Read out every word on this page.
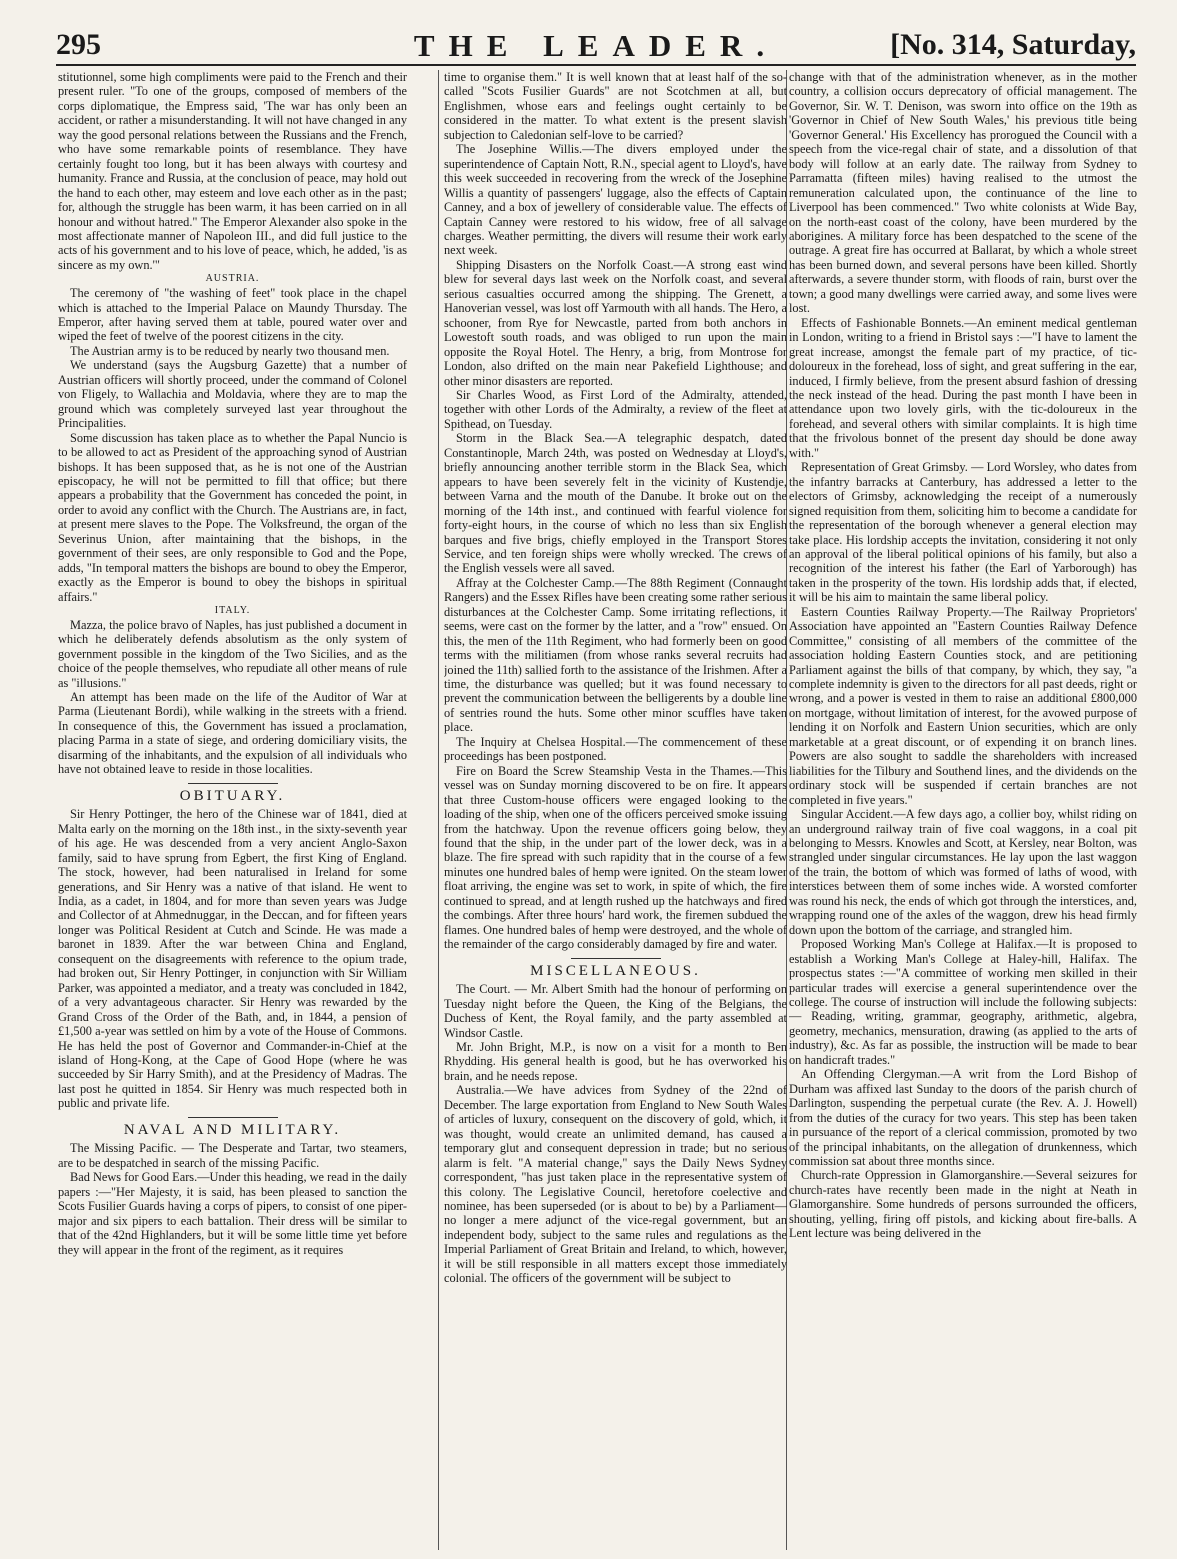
295	THE LEADER.	[No. 314, Saturday,

stitutionnel, some high compliments were paid to the French and their present ruler. "To one of the groups, composed of members of the corps diplomatique, the Empress said, 'The war has only been an accident, or rather a misunderstanding. It will not have changed in any way the good personal relations between the Russians and the French, who have some remarkable points of resemblance. They have certainly fought too long, but it has been always with courtesy and humanity. France and Russia, at the conclusion of peace, may hold out the hand to each other, may esteem and love each other as in the past; for, although the struggle has been warm, it has been carried on in all honour and without hatred." The Emperor Alexander also spoke in the most affectionate manner of Napoleon III., and did full justice to the acts of his government and to his love of peace, which, he added, 'is as sincere as my own.'"

AUSTRIA.

The ceremony of "the washing of feet" took place in the chapel which is attached to the Imperial Palace on Maundy Thursday. The Emperor, after having served them at table, poured water over and wiped the feet of twelve of the poorest citizens in the city.

The Austrian army is to be reduced by nearly two thousand men.

We understand (says the Augsburg Gazette) that a number of Austrian officers will shortly proceed, under the command of Colonel von Fligely, to Wallachia and Moldavia, where they are to map the ground which was completely surveyed last year throughout the Principalities.

Some discussion has taken place as to whether the Papal Nuncio is to be allowed to act as President of the approaching synod of Austrian bishops. It has been supposed that, as he is not one of the Austrian episcopacy, he will not be permitted to fill that office; but there appears a probability that the Government has conceded the point, in order to avoid any conflict with the Church. The Austrians are, in fact, at present mere slaves to the Pope. The Volksfreund, the organ of the Severinus Union, after maintaining that the bishops, in the government of their sees, are only responsible to God and the Pope, adds, "In temporal matters the bishops are bound to obey the Emperor, exactly as the Emperor is bound to obey the bishops in spiritual affairs."

ITALY.

Mazza, the police bravo of Naples, has just published a document in which he deliberately defends absolutism as the only system of government possible in the kingdom of the Two Sicilies, and as the choice of the people themselves, who repudiate all other means of rule as "illusions."

An attempt has been made on the life of the Auditor of War at Parma (Lieutenant Bordi), while walking in the streets with a friend. In consequence of this, the Government has issued a proclamation, placing Parma in a state of siege, and ordering domiciliary visits, the disarming of the inhabitants, and the expulsion of all individuals who have not obtained leave to reside in those localities.

OBITUARY.

Sir Henry Pottinger, the hero of the Chinese war of 1841, died at Malta early on the morning on the 18th inst., in the sixty-seventh year of his age. He was descended from a very ancient Anglo-Saxon family, said to have sprung from Egbert, the first King of England. The stock, however, had been naturalised in Ireland for some generations, and Sir Henry was a native of that island. He went to India, as a cadet, in 1804, and for more than seven years was Judge and Collector of at Ahmednuggar, in the Deccan, and for fifteen years longer was Political Resident at Cutch and Scinde. He was made a baronet in 1839. After the war between China and England, consequent on the disagreements with reference to the opium trade, had broken out, Sir Henry Pottinger, in conjunction with Sir William Parker, was appointed a mediator, and a treaty was concluded in 1842, of a very advantageous character. Sir Henry was rewarded by the Grand Cross of the Order of the Bath, and, in 1844, a pension of £1,500 a-year was settled on him by a vote of the House of Commons. He has held the post of Governor and Commander-in-Chief at the island of Hong-Kong, at the Cape of Good Hope (where he was succeeded by Sir Harry Smith), and at the Presidency of Madras. The last post he quitted in 1854. Sir Henry was much respected both in public and private life.

NAVAL AND MILITARY.

The Missing Pacific. — The Desperate and Tartar, two steamers, are to be despatched in search of the missing Pacific.

Bad News for Good Ears.—Under this heading, we read in the daily papers :—"Her Majesty, it is said, has been pleased to sanction the Scots Fusilier Guards having a corps of pipers, to consist of one piper-major and six pipers to each battalion. Their dress will be similar to that of the 42nd Highlanders, but it will be some little time yet before they will appear in the front of the regiment, as it requires

time to organise them." It is well known that at least half of the so-called "Scots Fusilier Guards" are not Scotchmen at all, but Englishmen, whose ears and feelings ought certainly to be considered in the matter. To what extent is the present slavish subjection to Caledonian self-love to be carried?

The Josephine Willis.—The divers employed under the superintendence of Captain Nott, R.N., special agent to Lloyd's, have this week succeeded in recovering from the wreck of the Josephine Willis a quantity of passengers' luggage, also the effects of Captain Canney, and a box of jewellery of considerable value. The effects of Captain Canney were restored to his widow, free of all salvage charges. Weather permitting, the divers will resume their work early next week.

Shipping Disasters on the Norfolk Coast.—A strong east wind blew for several days last week on the Norfolk coast, and several serious casualties occurred among the shipping. The Grenett, a Hanoverian vessel, was lost off Yarmouth with all hands. The Hero, a schooner, from Rye for Newcastle, parted from both anchors in Lowestoft south roads, and was obliged to run upon the main opposite the Royal Hotel. The Henry, a brig, from Montrose for London, also drifted on the main near Pakefield Lighthouse; and other minor disasters are reported.

Sir Charles Wood, as First Lord of the Admiralty, attended, together with other Lords of the Admiralty, a review of the fleet at Spithead, on Tuesday.

Storm in the Black Sea.—A telegraphic despatch, dated Constantinople, March 24th, was posted on Wednesday at Lloyd's, briefly announcing another terrible storm in the Black Sea, which appears to have been severely felt in the vicinity of Kustendje, between Varna and the mouth of the Danube. It broke out on the morning of the 14th inst., and continued with fearful violence for forty-eight hours, in the course of which no less than six English barques and five brigs, chiefly employed in the Transport Stores Service, and ten foreign ships were wholly wrecked. The crews of the English vessels were all saved.

Affray at the Colchester Camp.—The 88th Regiment (Connaught Rangers) and the Essex Rifles have been creating some rather serious disturbances at the Colchester Camp. Some irritating reflections, it seems, were cast on the former by the latter, and a "row" ensued. On this, the men of the 11th Regiment, who had formerly been on good terms with the militiamen (from whose ranks several recruits had joined the 11th) sallied forth to the assistance of the Irishmen. After a time, the disturbance was quelled; but it was found necessary to prevent the communication between the belligerents by a double line of sentries round the huts. Some other minor scuffles have taken place.

The Inquiry at Chelsea Hospital.—The commencement of these proceedings has been postponed.

Fire on Board the Screw Steamship Vesta in the Thames.—This vessel was on Sunday morning discovered to be on fire. It appears that three Custom-house officers were engaged looking to the loading of the ship, when one of the officers perceived smoke issuing from the hatchway. Upon the revenue officers going below, they found that the ship, in the under part of the lower deck, was in a blaze. The fire spread with such rapidity that in the course of a few minutes one hundred bales of hemp were ignited. On the steam lower float arriving, the engine was set to work, in spite of which, the fire continued to spread, and at length rushed up the hatchways and fired the combings. After three hours' hard work, the firemen subdued the flames. One hundred bales of hemp were destroyed, and the whole of the remainder of the cargo considerably damaged by fire and water.

MISCELLANEOUS.

The Court. — Mr. Albert Smith had the honour of performing on Tuesday night before the Queen, the King of the Belgians, the Duchess of Kent, the Royal family, and the party assembled at Windsor Castle.

Mr. John Bright, M.P., is now on a visit for a month to Ben Rhydding. His general health is good, but he has overworked his brain, and he needs repose.

Australia.—We have advices from Sydney of the 22nd of December. The large exportation from England to New South Wales of articles of luxury, consequent on the discovery of gold, which, it was thought, would create an unlimited demand, has caused a temporary glut and consequent depression in trade; but no serious alarm is felt. "A material change," says the Daily News Sydney correspondent, "has just taken place in the representative system of this colony. The Legislative Council, heretofore coelective and nominee, has been superseded (or is about to be) by a Parliament—no longer a mere adjunct of the vice-regal government, but an independent body, subject to the same rules and regulations as the Imperial Parliament of Great Britain and Ireland, to which, however, it will be still responsible in all matters except those immediately colonial. The officers of the government will be subject to

change with that of the administration whenever, as in the mother country, a collision occurs deprecatory of official management. The Governor, Sir. W. T. Denison, was sworn into office on the 19th as 'Governor in Chief of New South Wales,' his previous title being 'Governor General.' His Excellency has prorogued the Council with a speech from the vice-regal chair of state, and a dissolution of that body will follow at an early date. The railway from Sydney to Parramatta (fifteen miles) having realised to the utmost the remuneration calculated upon, the continuance of the line to Liverpool has been commenced." Two white colonists at Wide Bay, on the north-east coast of the colony, have been murdered by the aborigines. A military force has been despatched to the scene of the outrage. A great fire has occurred at Ballarat, by which a whole street has been burned down, and several persons have been killed. Shortly afterwards, a severe thunder storm, with floods of rain, burst over the town; a good many dwellings were carried away, and some lives were lost.

Effects of Fashionable Bonnets.—An eminent medical gentleman in London, writing to a friend in Bristol says :—"I have to lament the great increase, amongst the female part of my practice, of tic-doloureux in the forehead, loss of sight, and great suffering in the ear, induced, I firmly believe, from the present absurd fashion of dressing the neck instead of the head. During the past month I have been in attendance upon two lovely girls, with the tic-doloureux in the forehead, and several others with similar complaints. It is high time that the frivolous bonnet of the present day should be done away with."

Representation of Great Grimsby. — Lord Worsley, who dates from the infantry barracks at Canterbury, has addressed a letter to the electors of Grimsby, acknowledging the receipt of a numerously signed requisition from them, soliciting him to become a candidate for the representation of the borough whenever a general election may take place. His lordship accepts the invitation, considering it not only an approval of the liberal political opinions of his family, but also a recognition of the interest his father (the Earl of Yarborough) has taken in the prosperity of the town. His lordship adds that, if elected, it will be his aim to maintain the same liberal policy.

Eastern Counties Railway Property.—The Railway Proprietors' Association have appointed an "Eastern Counties Railway Defence Committee," consisting of all members of the committee of the association holding Eastern Counties stock, and are petitioning Parliament against the bills of that company, by which, they say, "a complete indemnity is given to the directors for all past deeds, right or wrong, and a power is vested in them to raise an additional £800,000 on mortgage, without limitation of interest, for the avowed purpose of lending it on Norfolk and Eastern Union securities, which are only marketable at a great discount, or of expending it on branch lines. Powers are also sought to saddle the shareholders with increased liabilities for the Tilbury and Southend lines, and the dividends on the ordinary stock will be suspended if certain branches are not completed in five years."

Singular Accident.—A few days ago, a collier boy, whilst riding on an underground railway train of five coal waggons, in a coal pit belonging to Messrs. Knowles and Scott, at Kersley, near Bolton, was strangled under singular circumstances. He lay upon the last waggon of the train, the bottom of which was formed of laths of wood, with interstices between them of some inches wide. A worsted comforter was round his neck, the ends of which got through the interstices, and, wrapping round one of the axles of the waggon, drew his head firmly down upon the bottom of the carriage, and strangled him.

Proposed Working Man's College at Halifax.—It is proposed to establish a Working Man's College at Haley-hill, Halifax. The prospectus states :—"A committee of working men skilled in their particular trades will exercise a general superintendence over the college. The course of instruction will include the following subjects: — Reading, writing, grammar, geography, arithmetic, algebra, geometry, mechanics, mensuration, drawing (as applied to the arts of industry), &c. As far as possible, the instruction will be made to bear on handicraft trades."

An Offending Clergyman.—A writ from the Lord Bishop of Durham was affixed last Sunday to the doors of the parish church of Darlington, suspending the perpetual curate (the Rev. A. J. Howell) from the duties of the curacy for two years. This step has been taken in pursuance of the report of a clerical commission, promoted by two of the principal inhabitants, on the allegation of drunkenness, which commission sat about three months since.

Church-rate Oppression in Glamorganshire.—Several seizures for church-rates have recently been made in the night at Neath in Glamorganshire. Some hundreds of persons surrounded the officers, shouting, yelling, firing off pistols, and kicking about fire-balls. A Lent lecture was being delivered in the
